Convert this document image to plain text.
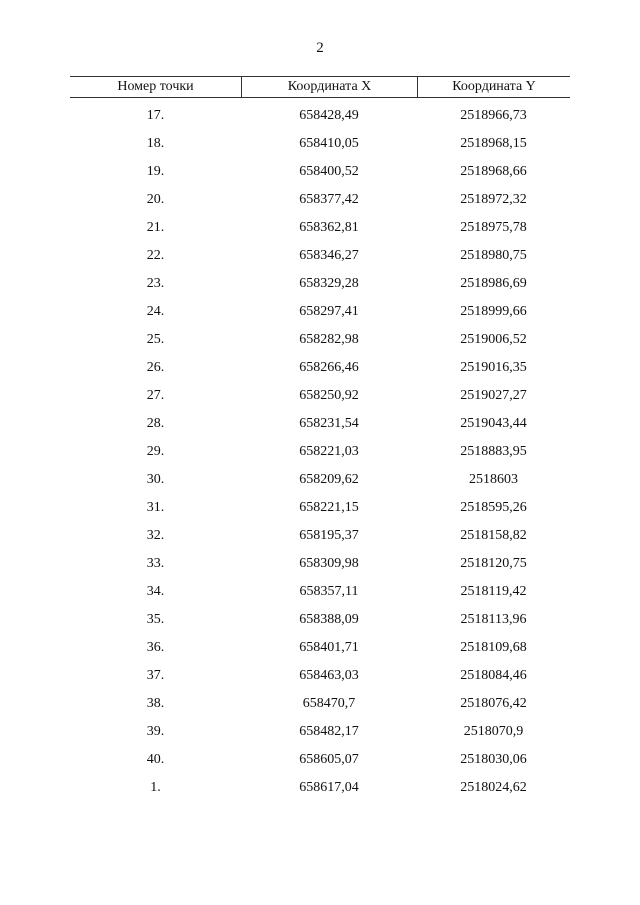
2
Номер точки	Координата X	Координата Y
17.	658428,49	2518966,73
18.	658410,05	2518968,15
19.	658400,52	2518968,66
20.	658377,42	2518972,32
21.	658362,81	2518975,78
22.	658346,27	2518980,75
23.	658329,28	2518986,69
24.	658297,41	2518999,66
25.	658282,98	2519006,52
26.	658266,46	2519016,35
27.	658250,92	2519027,27
28.	658231,54	2519043,44
29.	658221,03	2518883,95
30.	658209,62	2518603
31.	658221,15	2518595,26
32.	658195,37	2518158,82
33.	658309,98	2518120,75
34.	658357,11	2518119,42
35.	658388,09	2518113,96
36.	658401,71	2518109,68
37.	658463,03	2518084,46
38.	658470,7	2518076,42
39.	658482,17	2518070,9
40.	658605,07	2518030,06
1.	658617,04	2518024,62
